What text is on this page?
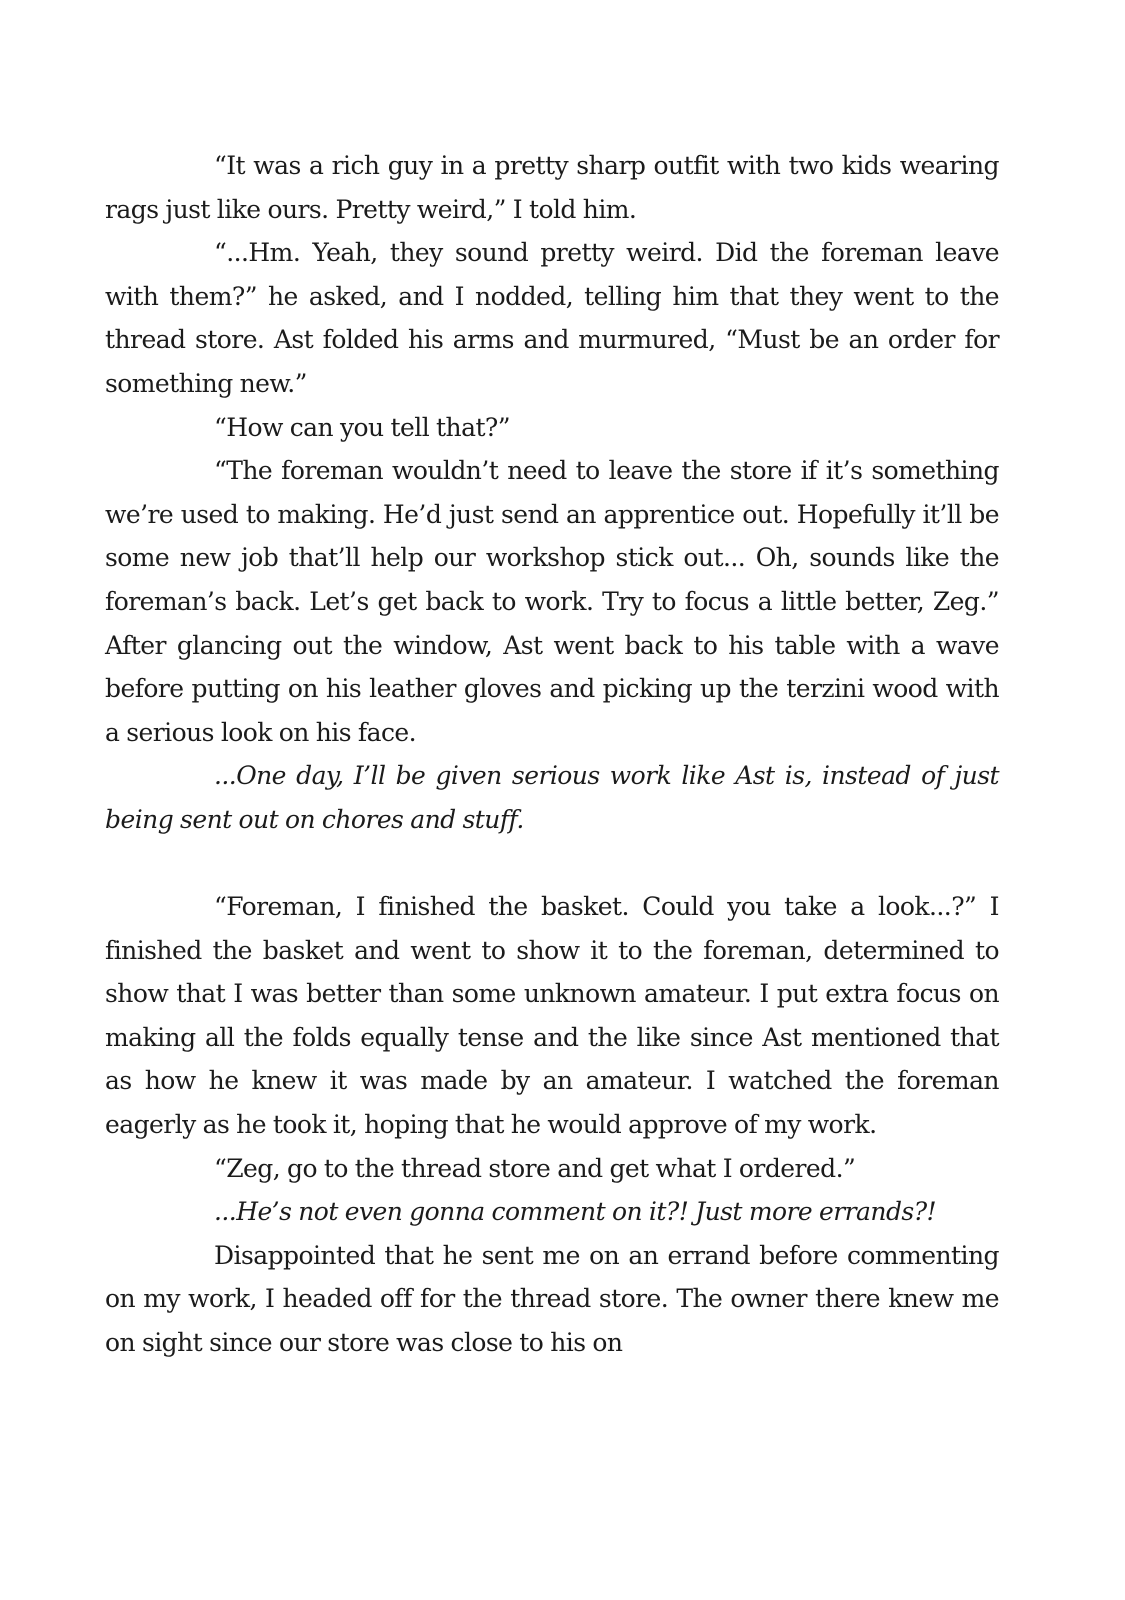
“It was a rich guy in a pretty sharp outfit with two kids wearing rags just like ours. Pretty weird,” I told him.

“...Hm. Yeah, they sound pretty weird. Did the foreman leave with them?” he asked, and I nodded, telling him that they went to the thread store. Ast folded his arms and murmured, “Must be an order for something new.”

“How can you tell that?”

“The foreman wouldn’t need to leave the store if it’s something we’re used to making. He’d just send an apprentice out. Hopefully it’ll be some new job that’ll help our workshop stick out... Oh, sounds like the foreman’s back. Let’s get back to work. Try to focus a little better, Zeg.” After glancing out the window, Ast went back to his table with a wave before putting on his leather gloves and picking up the terzini wood with a serious look on his face.

...One day, I’ll be given serious work like Ast is, instead of just being sent out on chores and stuff.

“Foreman, I finished the basket. Could you take a look...?” I finished the basket and went to show it to the foreman, determined to show that I was better than some unknown amateur. I put extra focus on making all the folds equally tense and the like since Ast mentioned that as how he knew it was made by an amateur. I watched the foreman eagerly as he took it, hoping that he would approve of my work.

“Zeg, go to the thread store and get what I ordered.”

...He’s not even gonna comment on it?! Just more errands?!

Disappointed that he sent me on an errand before commenting on my work, I headed off for the thread store. The owner there knew me on sight since our store was close to his on
